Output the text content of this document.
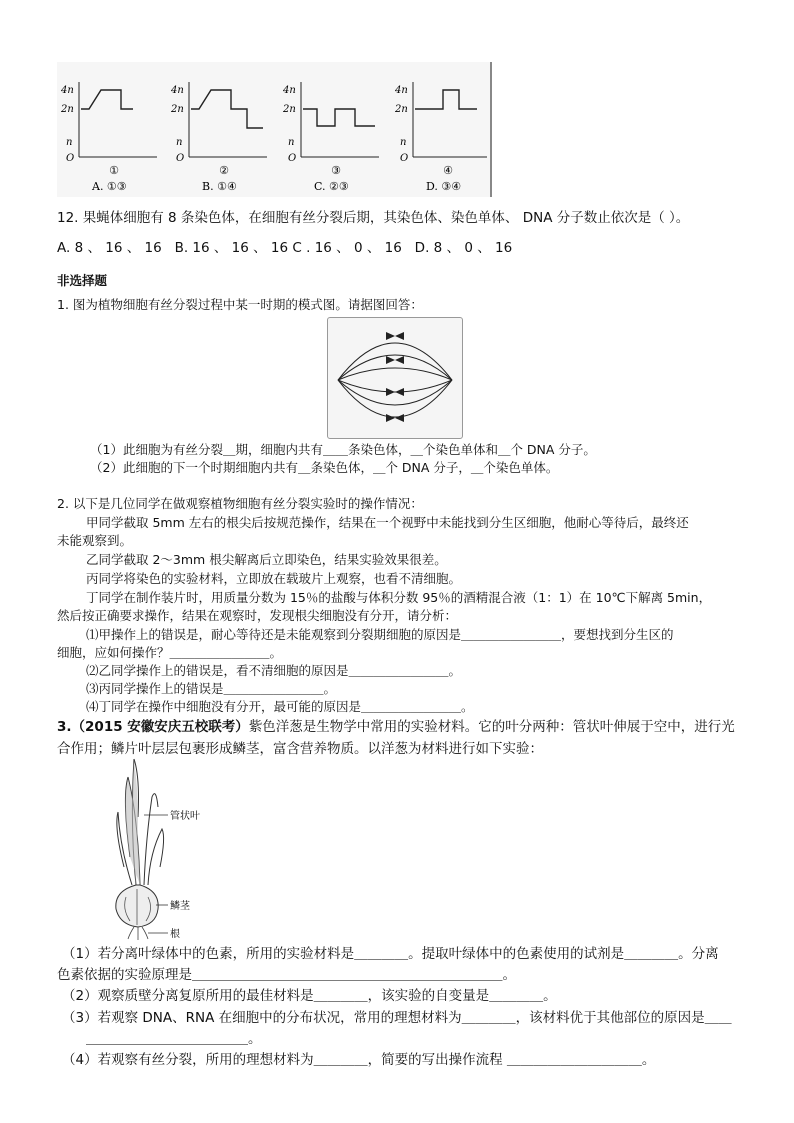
4n
2n
n
O
①
A. ①③
4n
2n
n
O
②
B. ①④
4n
2n
n
O
③
C. ②③
4n
2n
n
O
④
D. ③④
12. 果蝇体细胞有 8 条染色体，在细胞有丝分裂后期，其染色体、染色单体、 DNA 分子数止依次是（ ）。
A. 8 、 16 、 16   B. 16 、 16 、 16 C . 16 、 0 、 16   D. 8 、 0 、 16
非选择题
1. 图为植物细胞有丝分裂过程中某一时期的模式图。请据图回答：
（1）此细胞为有丝分裂＿期，细胞内共有＿＿条染色体，＿个染色单体和＿个 DNA 分子。
（2）此细胞的下一个时期细胞内共有＿条染色体，＿个 DNA 分子，＿个染色单体。
2. 以下是几位同学在做观察植物细胞有丝分裂实验时的操作情况：
甲同学截取 5mm 左右的根尖后按规范操作，结果在一个视野中未能找到分生区细胞，他耐心等待后，最终还
未能观察到。
乙同学截取 2～3mm 根尖解离后立即染色，结果实验效果很差。
丙同学将染色的实验材料，立即放在载玻片上观察，也看不清细胞。
丁同学在制作装片时，用质量分数为 15％的盐酸与体积分数 95％的酒精混合液（1：1）在 10℃下解离 5min，
然后按正确要求操作，结果在观察时，发现根尖细胞没有分开，请分析：
⑴甲操作上的错误是，耐心等待还是未能观察到分裂期细胞的原因是＿＿＿＿＿＿＿＿，要想找到分生区的
细胞，应如何操作？＿＿＿＿＿＿＿＿。
⑵乙同学操作上的错误是，看不清细胞的原因是＿＿＿＿＿＿＿＿。
⑶丙同学操作上的错误是＿＿＿＿＿＿＿＿。
⑷丁同学在操作中细胞没有分开，最可能的原因是＿＿＿＿＿＿＿＿。
3.（2015 安徽安庆五校联考）紫色洋葱是生物学中常用的实验材料。它的叶分两种：管状叶伸展于空中，进行光
合作用；鳞片叶层层包裹形成鳞茎，富含营养物质。以洋葱为材料进行如下实验：
管状叶
鳞茎
根
（1）若分离叶绿体中的色素，所用的实验材料是＿＿＿＿。提取叶绿体中的色素使用的试剂是＿＿＿＿。分离
色素依据的实验原理是＿＿＿＿＿＿＿＿＿＿＿＿＿＿＿＿＿＿＿＿＿＿＿。
（2）观察质壁分离复原所用的最佳材料是＿＿＿＿，该实验的自变量是＿＿＿＿。
（3）若观察 DNA、RNA 在细胞中的分布状况，常用的理想材料为＿＿＿＿，该材料优于其他部位的原因是＿＿
＿＿＿＿＿＿＿＿＿＿＿＿。
（4）若观察有丝分裂，所用的理想材料为＿＿＿＿，简要的写出操作流程 ＿＿＿＿＿＿＿＿＿＿。
